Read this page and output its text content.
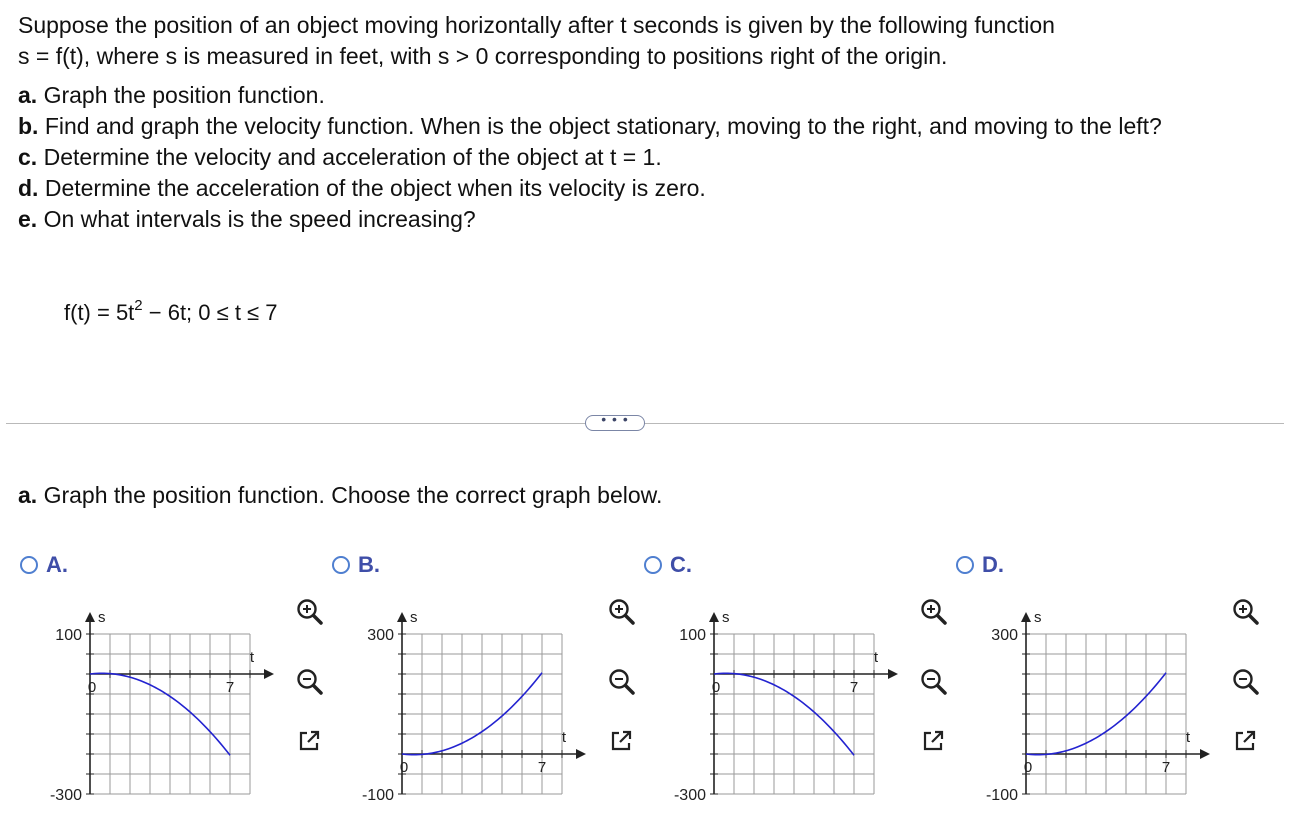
Suppose the position of an object moving horizontally after t seconds is given by the following function

s = f(t), where s is measured in feet, with s > 0 corresponding to positions right of the origin.

a. Graph the position function.

b. Find and graph the velocity function. When is the object stationary, moving to the right, and moving to the left?

c. Determine the velocity and acceleration of the object at t = 1.

d. Determine the acceleration of the object when its velocity is zero.

e. On what intervals is the speed increasing?

$f(t) = 5t^2 - 6t$; 0 ≤ t ≤ 7
• • •
a. Graph the position function. Choose the correct graph below.
A.
100
-300
s
t
0	7
B.
300
-100
s
t
0	7
C.
100
-300
s
t
0	7
D.
300
-100
s
t
0	7
